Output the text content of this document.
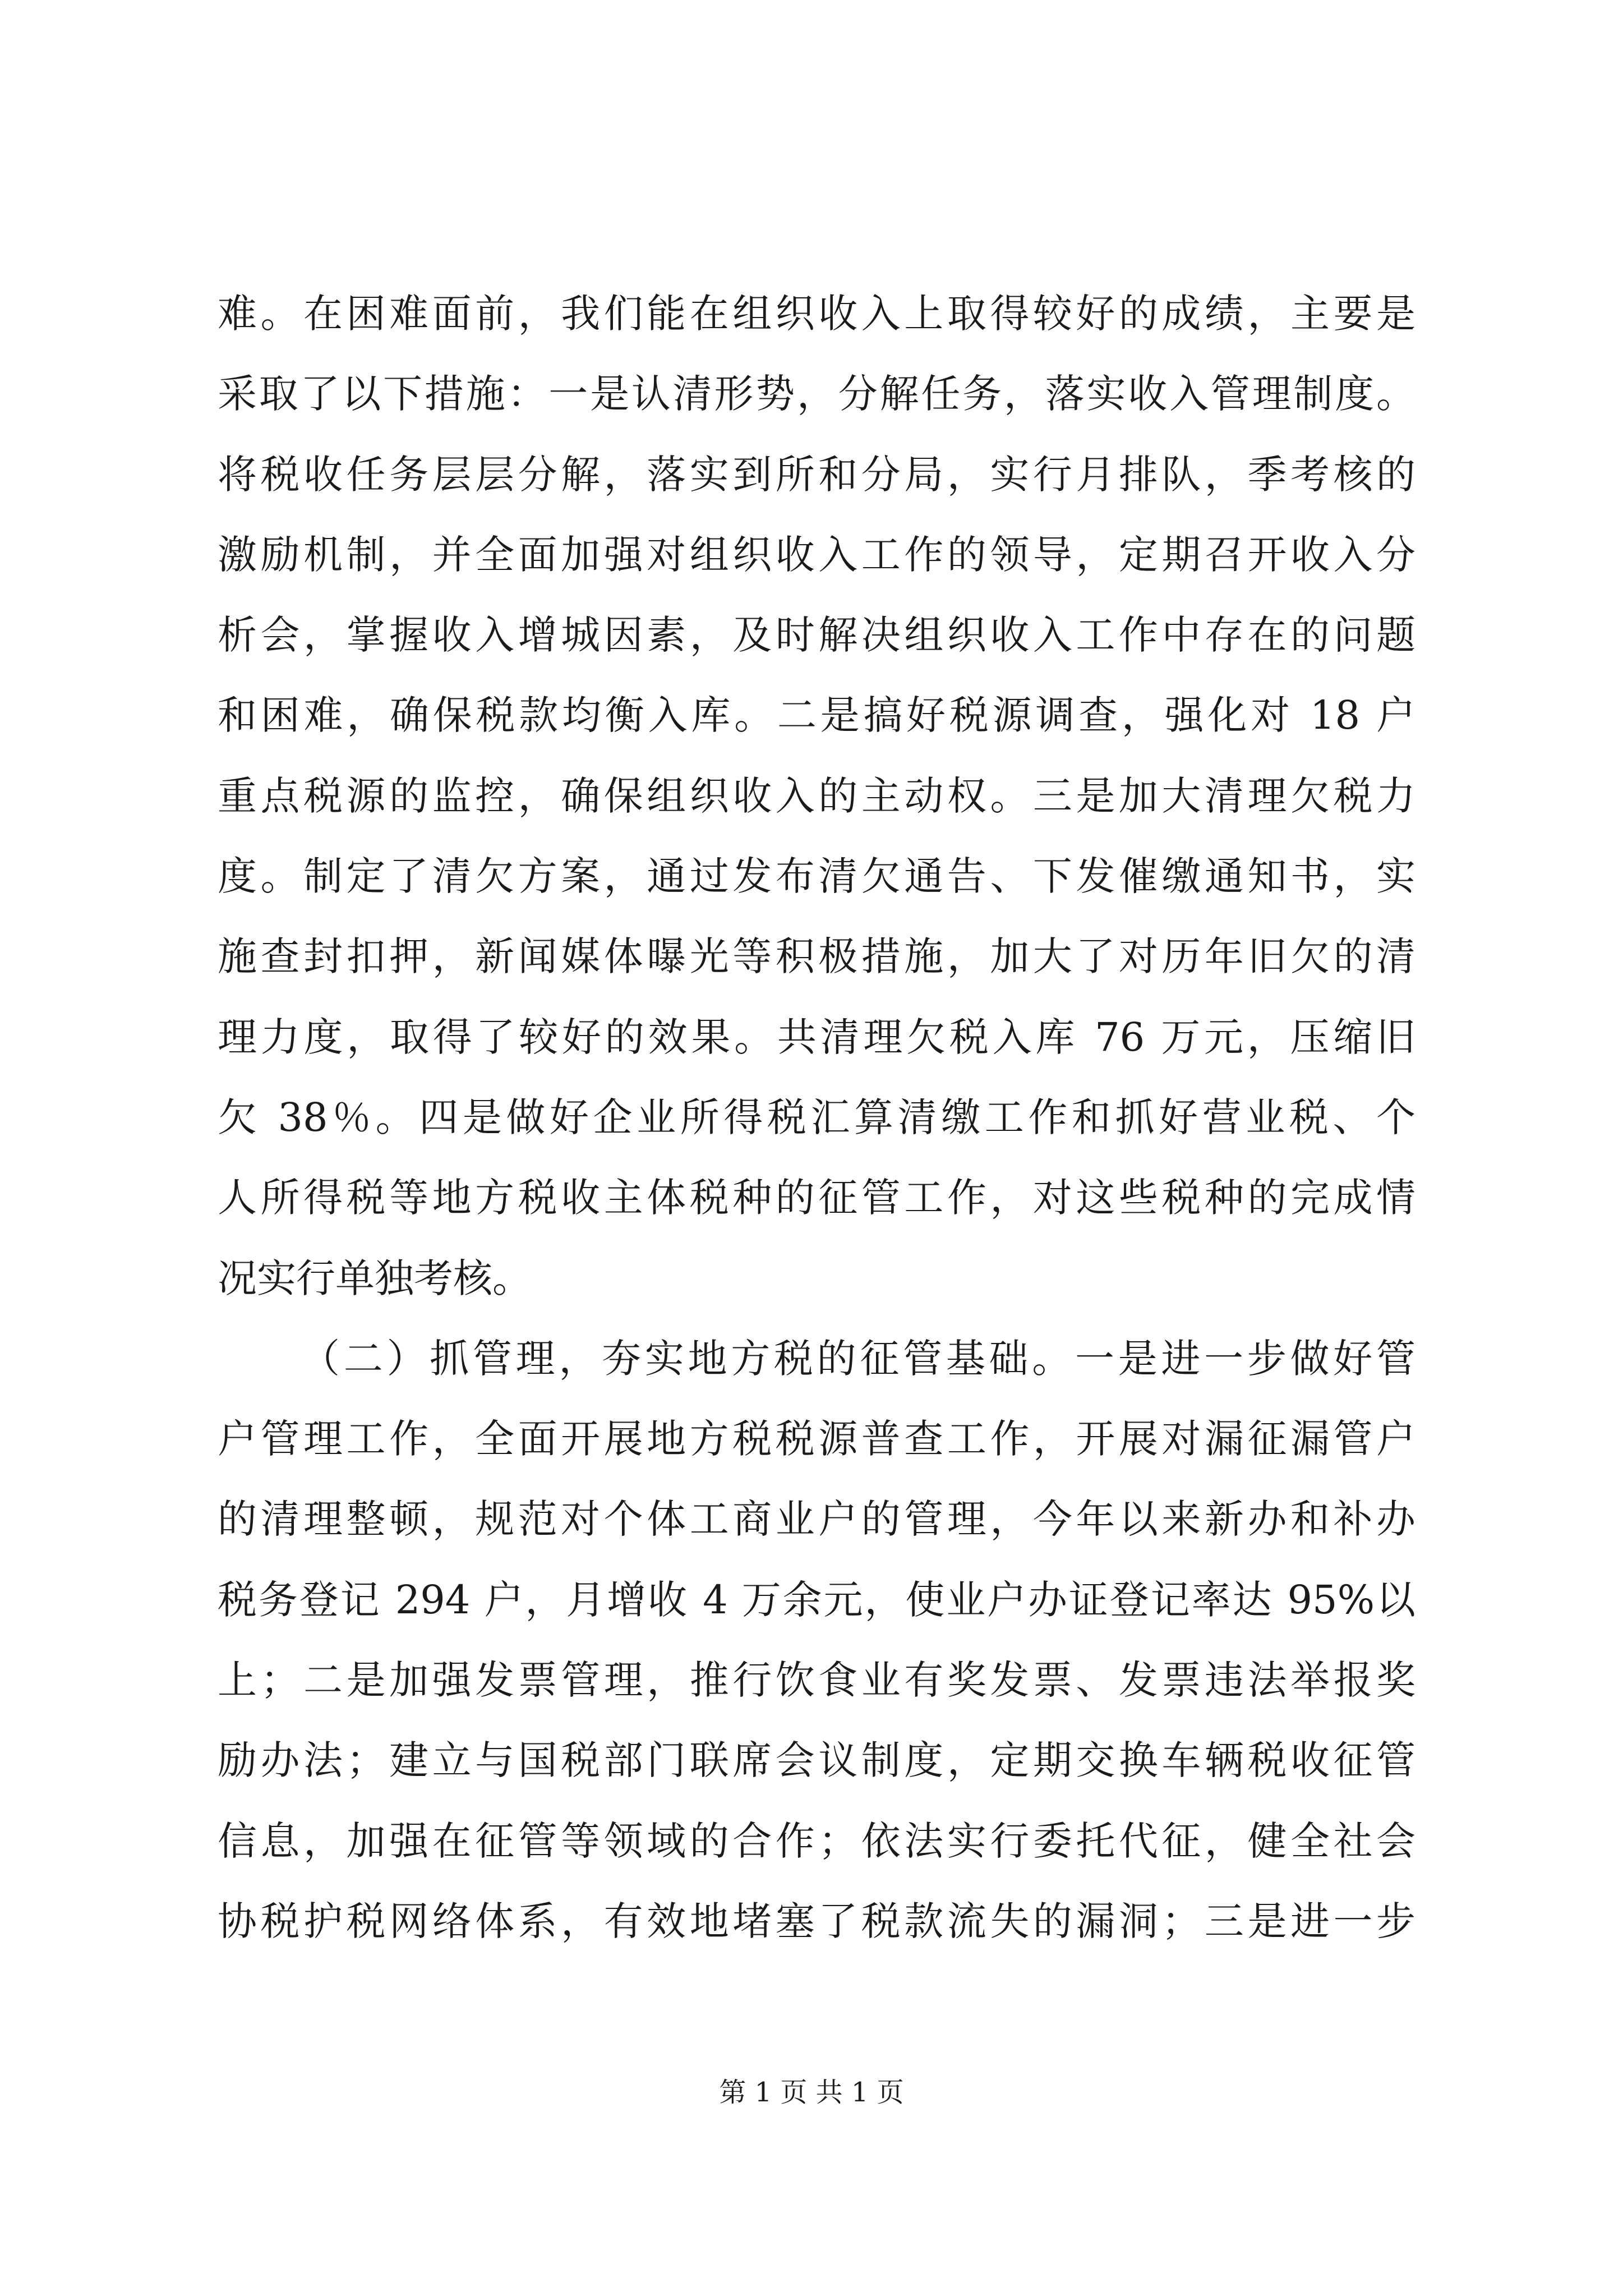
难。在困难面前，我们能在组织收入上取得较好的成绩，主要是
采取了以下措施：一是认清形势，分解任务，落实收入管理制度。
将税收任务层层分解，落实到所和分局，实行月排队，季考核的
激励机制，并全面加强对组织收入工作的领导，定期召开收入分
析会，掌握收入增城因素，及时解决组织收入工作中存在的问题
和困难，确保税款均衡入库。二是搞好税源调查，强化对 18 户
重点税源的监控，确保组织收入的主动权。三是加大清理欠税力
度。制定了清欠方案，通过发布清欠通告、下发催缴通知书，实
施查封扣押，新闻媒体曝光等积极措施，加大了对历年旧欠的清
理力度，取得了较好的效果。共清理欠税入库 76 万元，压缩旧
欠 38％。四是做好企业所得税汇算清缴工作和抓好营业税、个
人所得税等地方税收主体税种的征管工作，对这些税种的完成情
况实行单独考核。
（二）抓管理，夯实地方税的征管基础。一是进一步做好管
户管理工作，全面开展地方税税源普查工作，开展对漏征漏管户
的清理整顿，规范对个体工商业户的管理，今年以来新办和补办
税务登记 294 户，月增收 4 万余元，使业户办证登记率达 95%以
上；二是加强发票管理，推行饮食业有奖发票、发票违法举报奖
励办法；建立与国税部门联席会议制度，定期交换车辆税收征管
信息，加强在征管等领域的合作；依法实行委托代征，健全社会
协税护税网络体系，有效地堵塞了税款流失的漏洞；三是进一步
第 1 页 共 1 页
